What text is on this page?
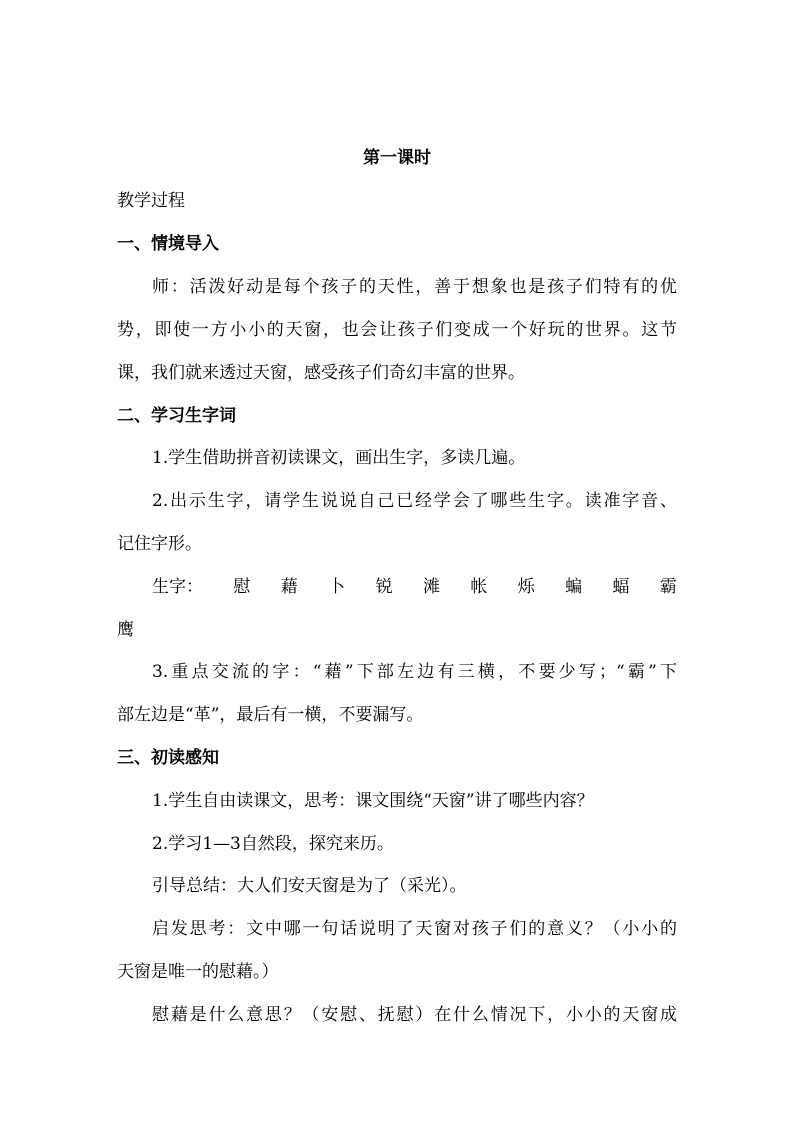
第一课时
教学过程
一、情境导入
师：活泼好动是每个孩子的天性，善于想象也是孩子们特有的优
势，即使一方小小的天窗，也会让孩子们变成一个好玩的世界。这节
课，我们就来透过天窗，感受孩子们奇幻丰富的世界。
二、学习生字词
1.学生借助拼音初读课文，画出生字，多读几遍。
2.出示生字，请学生说说自己已经学会了哪些生字。读准字音、
记住字形。
生字： 慰 藉 卜 锐 滩 帐 烁 蝙 蝠 霸
鹰
3.重点交流的字：“藉”下部左边有三横，不要少写；“霸”下
部左边是“革”，最后有一横，不要漏写。
三、初读感知
1.学生自由读课文，思考：课文围绕“天窗”讲了哪些内容？
2.学习1—3自然段，探究来历。
引导总结：大人们安天窗是为了（采光）。
启发思考：文中哪一句话说明了天窗对孩子们的意义？（小小的
天窗是唯一的慰藉。）
慰藉是什么意思？（安慰、抚慰）在什么情况下，小小的天窗成
